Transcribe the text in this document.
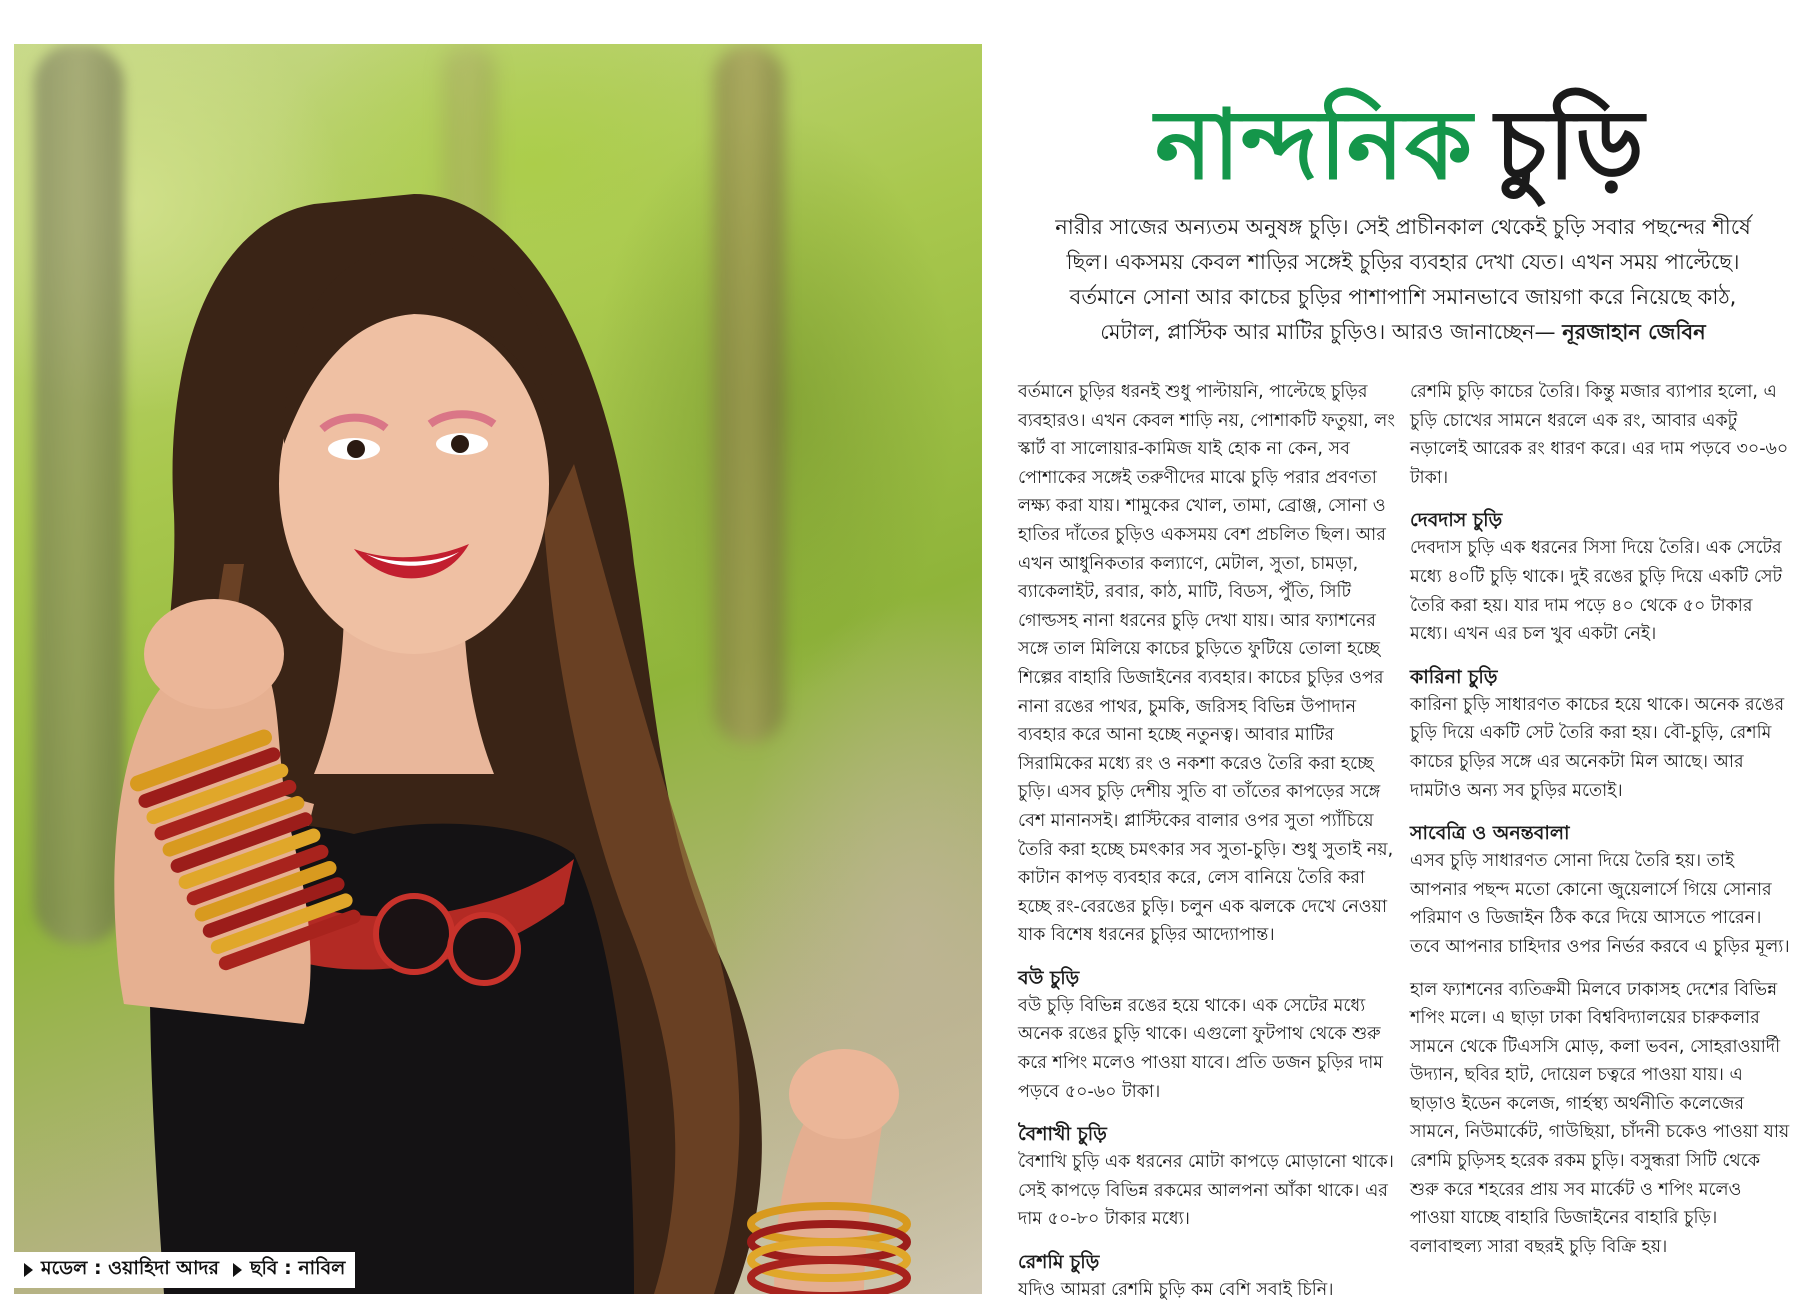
মডেল : ওয়াহিদা আদর ছবি : নাবিল
নান্দনিক চুড়ি
নারীর সাজের অন্যতম অনুষঙ্গ চুড়ি। সেই প্রাচীনকাল থেকেই চুড়ি সবার পছন্দের শীর্ষে
ছিল। একসময় কেবল শাড়ির সঙ্গেই চুড়ির ব্যবহার দেখা যেত। এখন সময় পাল্টেছে।
বর্তমানে সোনা আর কাচের চুড়ির পাশাপাশি সমানভাবে জায়গা করে নিয়েছে কাঠ,
মেটাল, প্লাস্টিক আর মাটির চুড়িও। আরও জানাচ্ছেন— নূরজাহান জেবিন

বর্তমানে চুড়ির ধরনই শুধু পাল্টায়নি, পাল্টেছে চুড়ির ব্যবহারও। এখন কেবল শাড়ি নয়, পোশাকটি ফতুয়া, লং স্কার্ট বা সালোয়ার-কামিজ যাই হোক না কেন, সব পোশাকের সঙ্গেই তরুণীদের মাঝে চুড়ি পরার প্রবণতা লক্ষ্য করা যায়। শামুকের খোল, তামা, ব্রোঞ্জ, সোনা ও হাতির দাঁতের চুড়িও একসময় বেশ প্রচলিত ছিল। আর এখন আধুনিকতার কল্যাণে, মেটাল, সুতা, চামড়া, ব্যাকেলাইট, রবার, কাঠ, মাটি, বিডস, পুঁতি, সিটি গোল্ডসহ নানা ধরনের চুড়ি দেখা যায়। আর ফ্যাশনের সঙ্গে তাল মিলিয়ে কাচের চুড়িতে ফুটিয়ে তোলা হচ্ছে শিল্পের বাহারি ডিজাইনের ব্যবহার। কাচের চুড়ির ওপর নানা রঙের পাথর, চুমকি, জরিসহ বিভিন্ন উপাদান ব্যবহার করে আনা হচ্ছে নতুনত্ব। আবার মাটির সিরামিকের মধ্যে রং ও নকশা করেও তৈরি করা হচ্ছে চুড়ি। এসব চুড়ি দেশীয় সুতি বা তাঁতের কাপড়ের সঙ্গে বেশ মানানসই। প্লাস্টিকের বালার ওপর সুতা প্যাঁচিয়ে তৈরি করা হচ্ছে চমৎকার সব সুতা-চুড়ি। শুধু সুতাই নয়, কাটান কাপড় ব্যবহার করে, লেস বানিয়ে তৈরি করা হচ্ছে রং-বেরঙের চুড়ি। চলুন এক ঝলকে দেখে নেওয়া যাক বিশেষ ধরনের চুড়ির আদ্যোপান্ত।

বউ চুড়ি

বউ চুড়ি বিভিন্ন রঙের হয়ে থাকে। এক সেটের মধ্যে অনেক রঙের চুড়ি থাকে। এগুলো ফুটপাথ থেকে শুরু করে শপিং মলেও পাওয়া যাবে। প্রতি ডজন চুড়ির দাম পড়বে ৫০-৬০ টাকা।

বৈশাখী চুড়ি

বৈশাখি চুড়ি এক ধরনের মোটা কাপড়ে মোড়ানো থাকে। সেই কাপড়ে বিভিন্ন রকমের আলপনা আঁকা থাকে। এর দাম ৫০-৮০ টাকার মধ্যে।

রেশমি চুড়ি

যদিও আমরা রেশমি চুড়ি কম বেশি সবাই চিনি।

রেশমি চুড়ি কাচের তৈরি। কিন্তু মজার ব্যাপার হলো, এ চুড়ি চোখের সামনে ধরলে এক রং, আবার একটু নড়ালেই আরেক রং ধারণ করে। এর দাম পড়বে ৩০-৬০ টাকা।

দেবদাস চুড়ি

দেবদাস চুড়ি এক ধরনের সিসা দিয়ে তৈরি। এক সেটের মধ্যে ৪০টি চুড়ি থাকে। দুই রঙের চুড়ি দিয়ে একটি সেট তৈরি করা হয়। যার দাম পড়ে ৪০ থেকে ৫০ টাকার মধ্যে। এখন এর চল খুব একটা নেই।

কারিনা চুড়ি

কারিনা চুড়ি সাধারণত কাচের হয়ে থাকে। অনেক রঙের চুড়ি দিয়ে একটি সেট তৈরি করা হয়। বৌ-চুড়ি, রেশমি কাচের চুড়ির সঙ্গে এর অনেকটা মিল আছে। আর দামটাও অন্য সব চুড়ির মতোই।

সাবেত্রি ও অনন্তবালা

এসব চুড়ি সাধারণত সোনা দিয়ে তৈরি হয়। তাই আপনার পছন্দ মতো কোনো জুয়েলার্সে গিয়ে সোনার পরিমাণ ও ডিজাইন ঠিক করে দিয়ে আসতে পারেন। তবে আপনার চাহিদার ওপর নির্ভর করবে এ চুড়ির মূল্য।

হাল ফ্যাশনের ব্যতিক্রমী মিলবে ঢাকাসহ দেশের বিভিন্ন শপিং মলে। এ ছাড়া ঢাকা বিশ্ববিদ্যালয়ের চারুকলার সামনে থেকে টিএসসি মোড়, কলা ভবন, সোহরাওয়ার্দী উদ্যান, ছবির হাট, দোয়েল চত্বরে পাওয়া যায়। এ ছাড়াও ইডেন কলেজ, গার্হস্থ্য অর্থনীতি কলেজের সামনে, নিউমার্কেট, গাউছিয়া, চাঁদনী চকেও পাওয়া যায় রেশমি চুড়িসহ হরেক রকম চুড়ি। বসুন্ধরা সিটি থেকে শুরু করে শহরের প্রায় সব মার্কেট ও শপিং মলেও পাওয়া যাচ্ছে বাহারি ডিজাইনের বাহারি চুড়ি। বলাবাহুল্য সারা বছরই চুড়ি বিক্রি হয়।
